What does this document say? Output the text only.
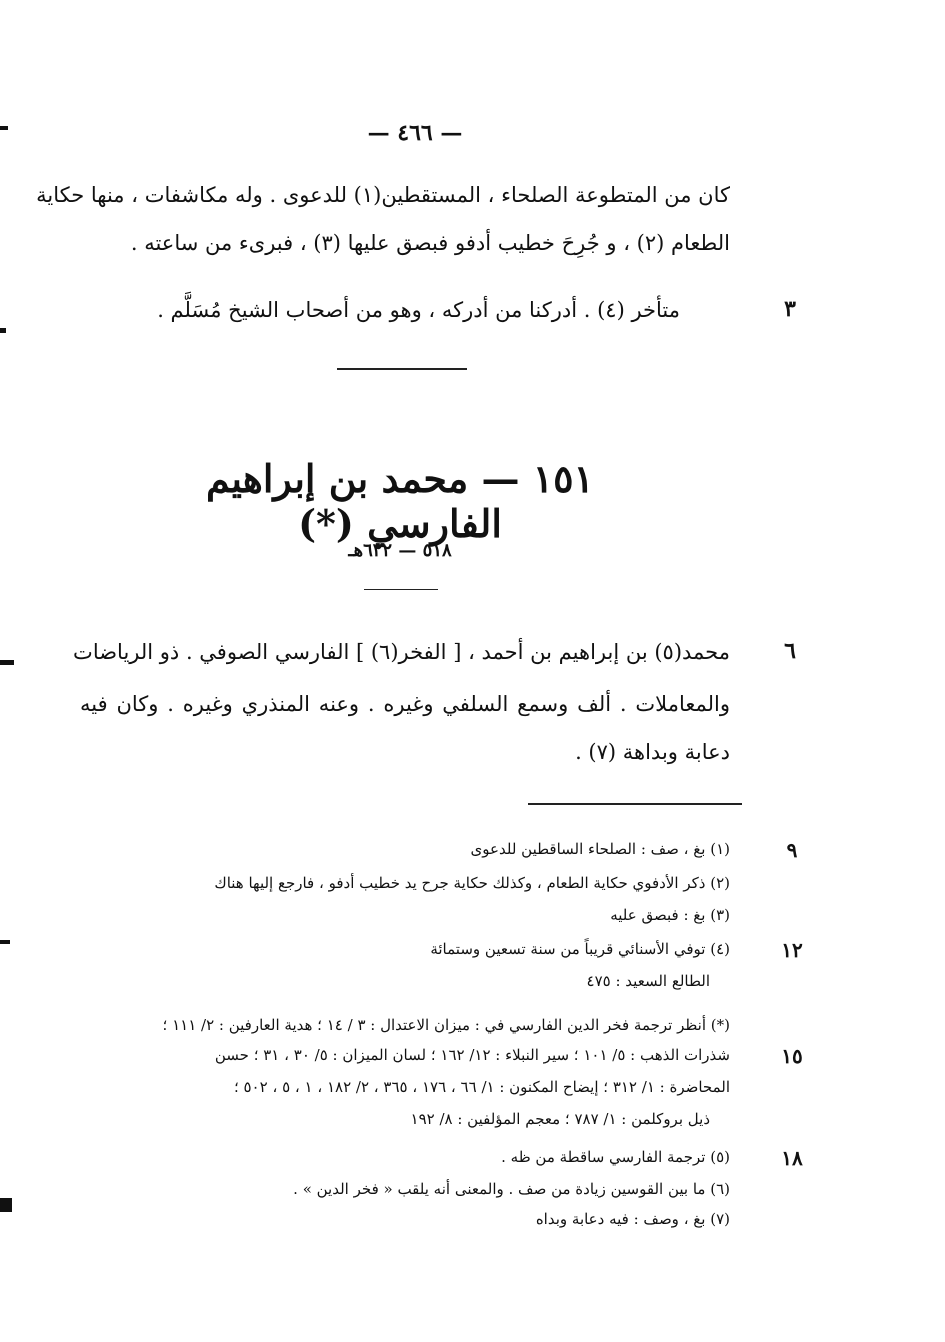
— ٤٦٦ —
كان من المتطوعة الصلحاء ، المستقطين(١) للدعوى . وله مكاشفات ، منها حكاية
الطعام (٢) ، و جُرِحَ خطيب أدفو فبصق عليها (٣) ، فبرىء من ساعته .
متأخر (٤) . أدركنا من أدركه ، وهو من أصحاب الشيخ مُسَلَّم .	٣
١٥١ — محمد بن إبراهيم الفارسي (*)
٥١٨ — ٦٢٢هـ
محمد(٥) بن إبراهيم بن أحمد ، [ الفخر(٦) ] الفارسي الصوفي . ذو الرياضات	٦
والمعاملات . ألف وسمع السلفي وغيره . وعنه المنذري وغيره . وكان فيه
دعابة وبداهة (٧) .
(١) بغ ، صف : الصلحاء الساقطين للدعوى	٩
(٢) ذكر الأدفوي حكاية الطعام ، وكذلك حكاية جرح يد خطيب أدفو ، فارجع إليها هناك
(٣) بغ : فبصق عليه
(٤) توفي الأسنائي قريباً من سنة تسعين وستمائة	١٢
الطالع السعيد : ٤٧٥
(*) أنظر ترجمة فخر الدين الفارسي في : ميزان الاعتدال : ٣ / ١٤ ؛ هدية العارفين : ٢/ ١١١ ؛
شذرات الذهب : ٥/ ١٠١ ؛ سير النبلاء : ١٢/ ١٦٢ ؛ لسان الميزان : ٥/ ٣٠ ، ٣١ ؛ حسن	١٥
المحاضرة : ١/ ٣١٢ ؛ إيضاح المكنون : ١/ ٦٦ ، ١٧٦ ، ٣٦٥ ، ٢/ ١٨٢ ، ١ ، ٥ ، ٥٠٢ ؛
ذيل بروكلمن : ١/ ٧٨٧ ؛ معجم المؤلفين : ٨/ ١٩٢
(٥) ترجمة الفارسي ساقطة من ظه .	١٨
(٦) ما بين القوسين زيادة من صف . والمعنى أنه يلقب « فخر الدين » .
(٧) بغ ، وصف : فيه دعابة وبداه
